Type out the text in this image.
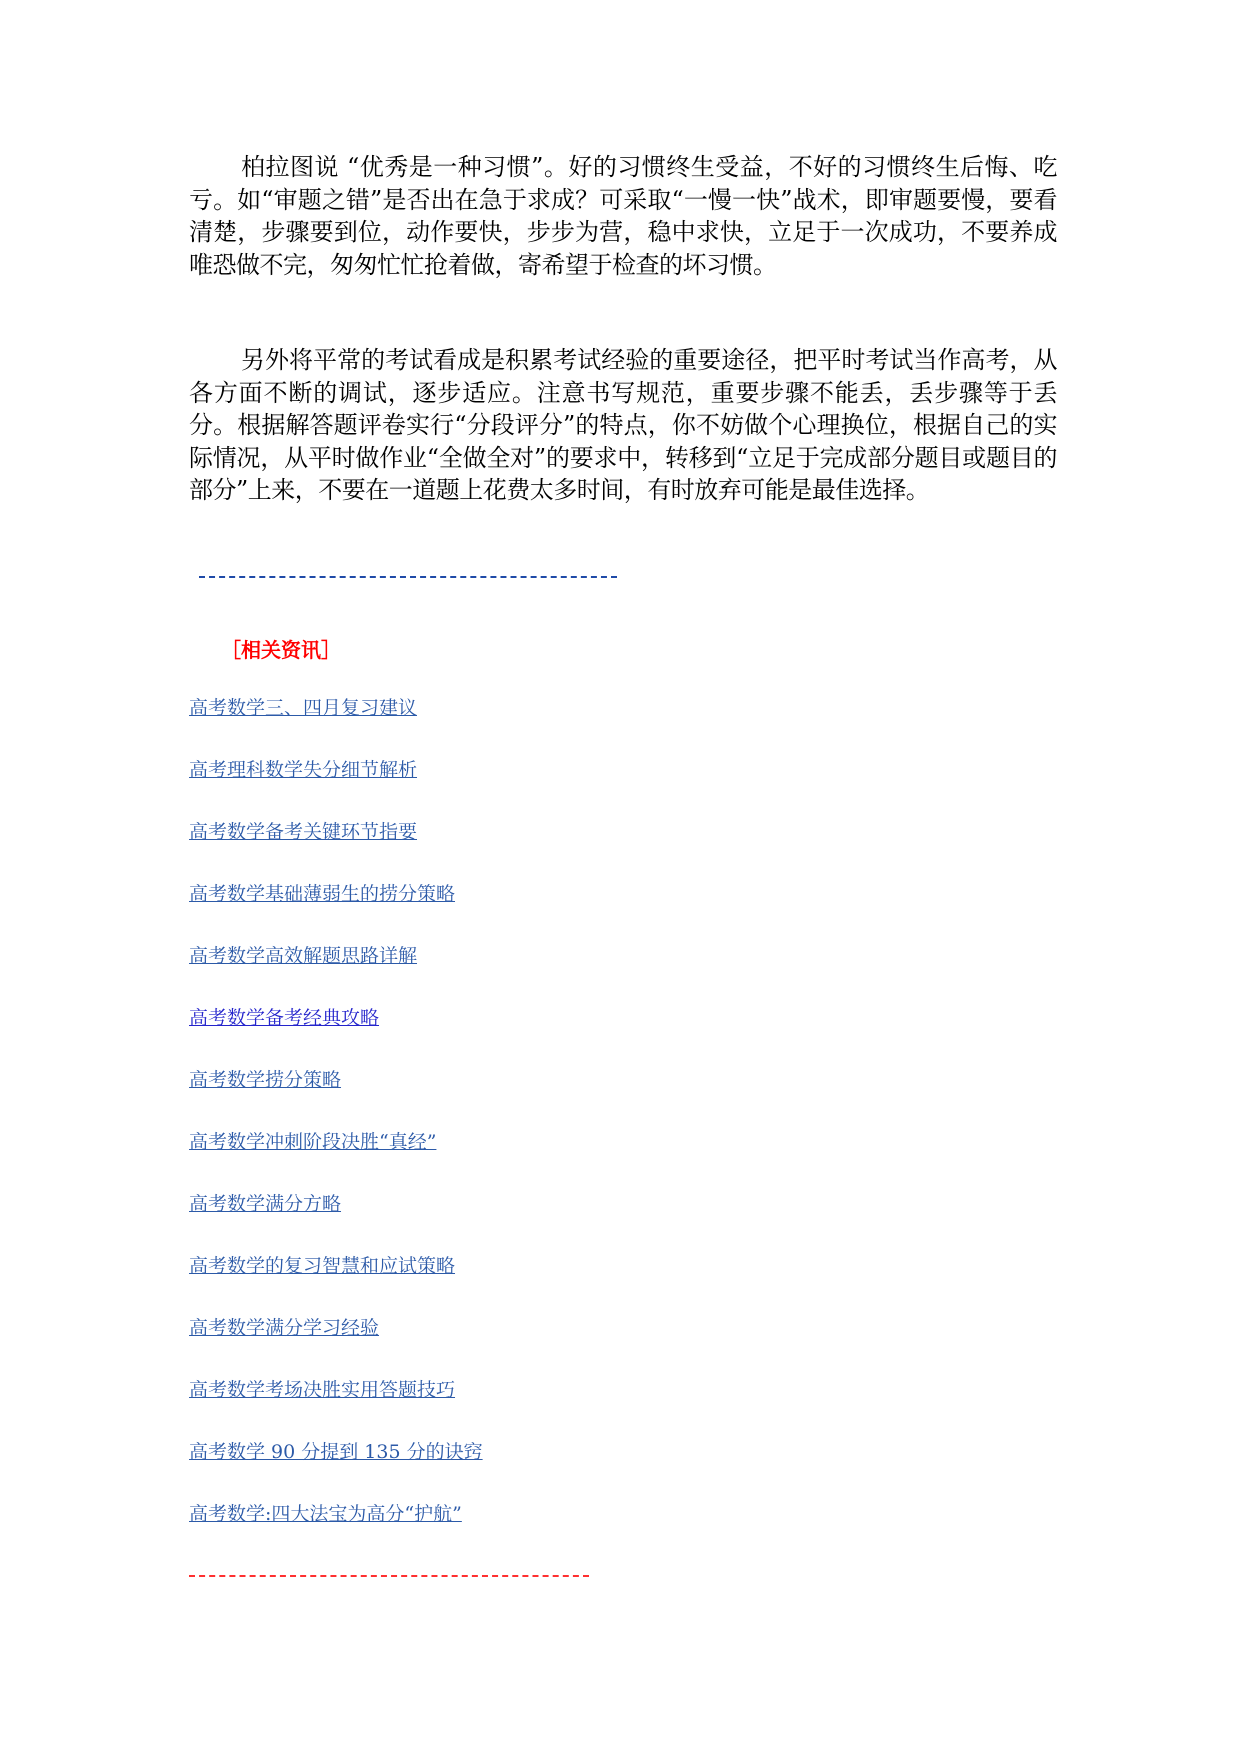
柏拉图说 “优秀是一种习惯”。好的习惯终生受益，不好的习惯终生后悔、吃亏。如“审题之错”是否出在急于求成？可采取“一慢一快”战术，即审题要慢，要看清楚，步骤要到位，动作要快，步步为营，稳中求快，立足于一次成功，不要养成唯恐做不完，匆匆忙忙抢着做，寄希望于检查的坏习惯。

另外将平常的考试看成是积累考试经验的重要途径，把平时考试当作高考，从各方面不断的调试，逐步适应。注意书写规范，重要步骤不能丢，丢步骤等于丢分。根据解答题评卷实行“分段评分”的特点，你不妨做个心理换位，根据自己的实际情况，从平时做作业“全做全对”的要求中，转移到“立足于完成部分题目或题目的部分”上来，不要在一道题上花费太多时间，有时放弃可能是最佳选择。

［相关资讯］

高考数学三、四月复习建议
高考理科数学失分细节解析
高考数学备考关键环节指要
高考数学基础薄弱生的捞分策略
高考数学高效解题思路详解
高考数学备考经典攻略
高考数学捞分策略
高考数学冲刺阶段决胜“真经”
高考数学满分方略
高考数学的复习智慧和应试策略
高考数学满分学习经验
高考数学考场决胜实用答题技巧
高考数学 90 分提到 135 分的诀窍
高考数学:四大法宝为高分“护航”
